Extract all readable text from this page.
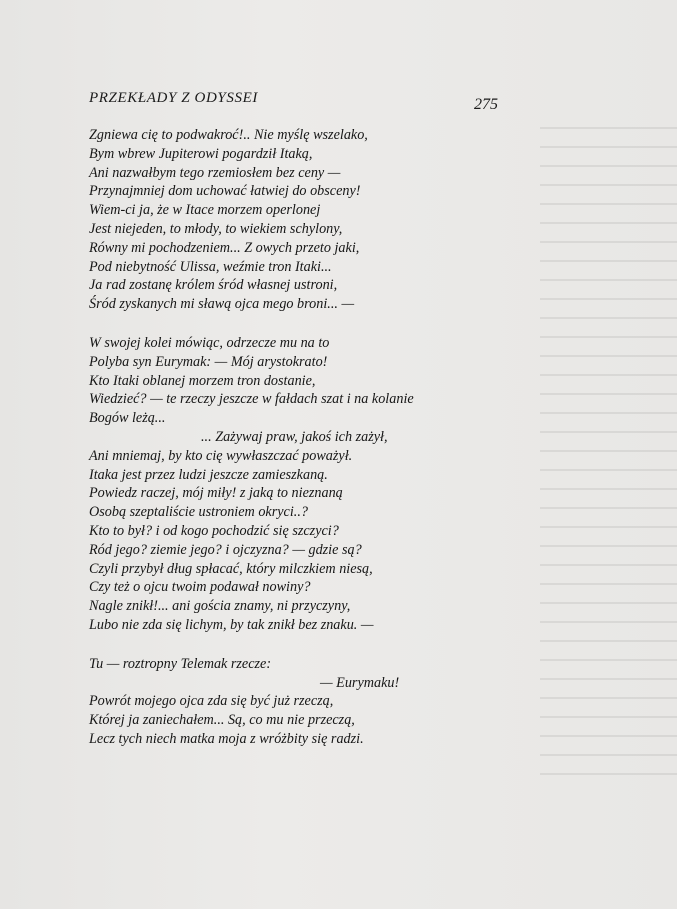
PRZEKŁADY Z ODYSSEI	275
Zgniewa cię to podwakroć!.. Nie myślę wszelako,
Bym wbrew Jupiterowi pogardził Itaką,
Ani nazwałbym tego rzemiosłem bez ceny —
Przynajmniej dom uchować łatwiej do obsceny!
Wiem-ci ja, że w Itace morzem operlonej
Jest niejeden, to młody, to wiekiem schylony,
Równy mi pochodzeniem... Z owych przeto jaki,
Pod niebytność Ulissa, weźmie tron Itaki...
Ja rad zostanę królem śród własnej ustroni,
Śród zyskanych mi sławą ojca mego broni... —
W swojej kolei mówiąc, odrzecze mu na to
Polyba syn Eurymak: — Mój arystokrato!
Kto Itaki oblanej morzem tron dostanie,
Wiedzieć? — te rzeczy jeszcze w fałdach szat i na kolanie
Bogów leżą...
... Zażywaj praw, jakoś ich zażył,
Ani mniemaj, by kto cię wywłaszczać poważył.
Itaka jest przez ludzi jeszcze zamieszkaną.
Powiedz raczej, mój miły! z jaką to nieznaną
Osobą szeptaliście ustroniem okryci..?
Kto to był? i od kogo pochodzić się szczyci?
Ród jego? ziemie jego? i ojczyzna? — gdzie są?
Czyli przybył dług spłacać, który milczkiem niesą,
Czy też o ojcu twoim podawał nowiny?
Nagle znikł!... ani gościa znamy, ni przyczyny,
Lubo nie zda się lichym, by tak znikł bez znaku. —
Tu — roztropny Telemak rzecze:
— Eurymaku!
Powrót mojego ojca zda się być już rzeczą,
Której ja zaniechałem... Są, co mu nie przeczą,
Lecz tych niech matka moja z wróżbity się radzi.
